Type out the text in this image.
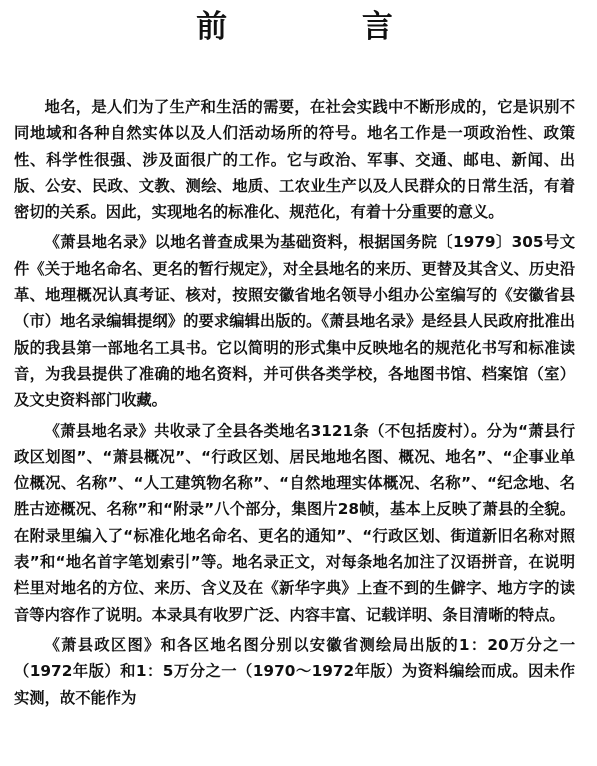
前 言

地名，是人们为了生产和生活的需要，在社会实践中不断形成的，它是识别不同地域和各种自然实体以及人们活动场所的符号。地名工作是一项政治性、政策性、科学性很强、涉及面很广的工作。它与政治、军事、交通、邮电、新闻、出版、公安、民政、文教、测绘、地质、工农业生产以及人民群众的日常生活，有着密切的关系。因此，实现地名的标准化、规范化，有着十分重要的意义。

《萧县地名录》以地名普查成果为基础资料，根据国务院〔1979〕305号文件《关于地名命名、更名的暂行规定》，对全县地名的来历、更替及其含义、历史沿革、地理概况认真考证、核对，按照安徽省地名领导小组办公室编写的《安徽省县（市）地名录编辑提纲》的要求编辑出版的。《萧县地名录》是经县人民政府批准出版的我县第一部地名工具书。它以简明的形式集中反映地名的规范化书写和标准读音，为我县提供了准确的地名资料，并可供各类学校，各地图书馆、档案馆（室）及文史资料部门收藏。

《萧县地名录》共收录了全县各类地名3121条（不包括废村）。分为“萧县行政区划图”、“萧县概况”、“行政区划、居民地地名图、概况、地名”、“企事业单位概况、名称”、“人工建筑物名称”、“自然地理实体概况、名称”、“纪念地、名胜古迹概况、名称”和“附录”八个部分，集图片28帧，基本上反映了萧县的全貌。在附录里编入了“标准化地名命名、更名的通知”、“行政区划、街道新旧名称对照表”和“地名首字笔划索引”等。地名录正文，对每条地名加注了汉语拼音，在说明栏里对地名的方位、来历、含义及在《新华字典》上查不到的生僻字、地方字的读音等内容作了说明。本录具有收罗广泛、内容丰富、记载详明、条目清晰的特点。

《萧县政区图》和各区地名图分别以安徽省测绘局出版的1：20万分之一（1972年版）和1：5万分之一（1970～1972年版）为资料编绘而成。因未作实测，故不能作为
